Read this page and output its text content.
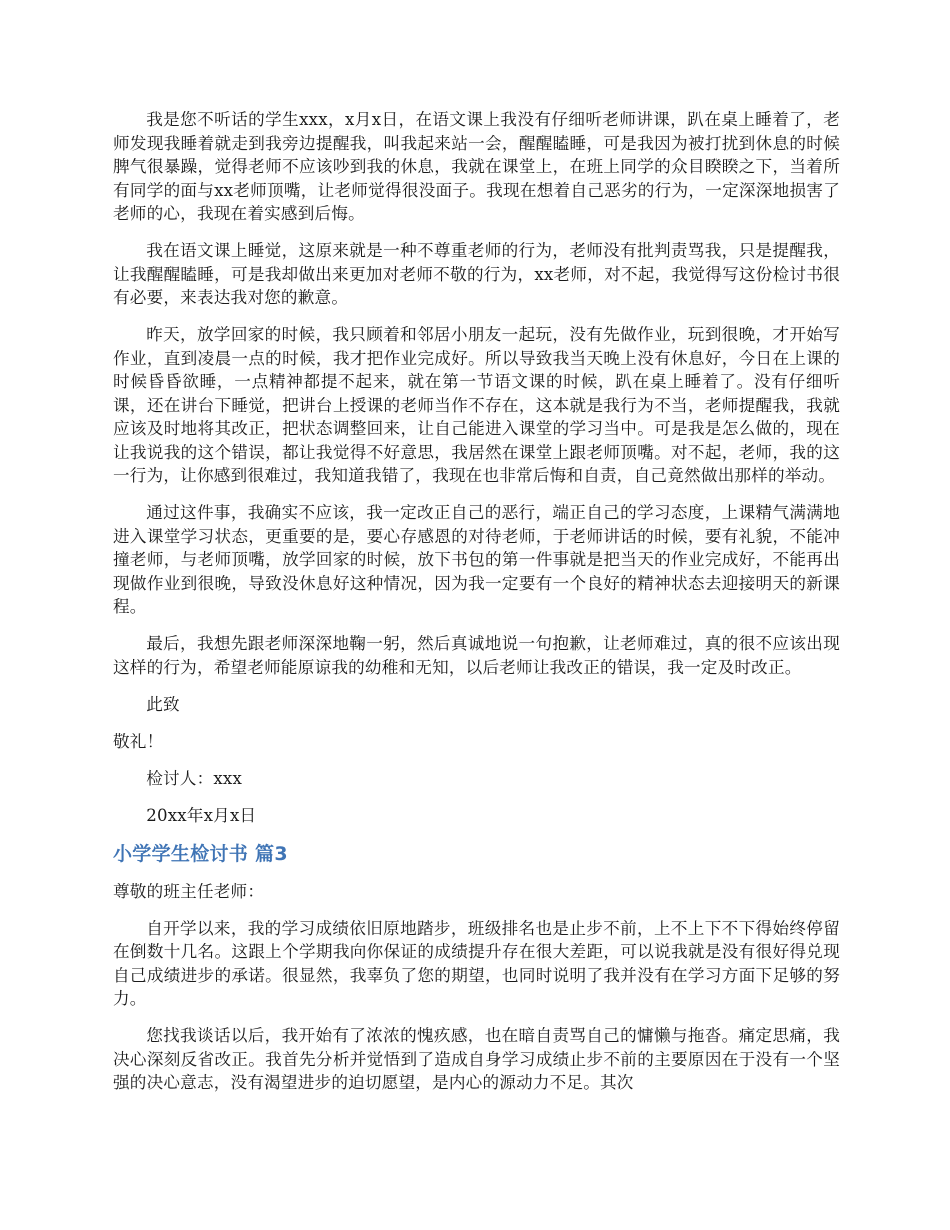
我是您不听话的学生xxx，x月x日，在语文课上我没有仔细听老师讲课，趴在桌上睡着了，老师发现我睡着就走到我旁边提醒我，叫我起来站一会，醒醒瞌睡，可是我因为被打扰到休息的时候脾气很暴躁，觉得老师不应该吵到我的休息，我就在课堂上，在班上同学的众目睽睽之下，当着所有同学的面与xx老师顶嘴，让老师觉得很没面子。我现在想着自己恶劣的行为，一定深深地损害了老师的心，我现在着实感到后悔。

我在语文课上睡觉，这原来就是一种不尊重老师的行为，老师没有批判责骂我，只是提醒我，让我醒醒瞌睡，可是我却做出来更加对老师不敬的行为，xx老师，对不起，我觉得写这份检讨书很有必要，来表达我对您的歉意。

昨天，放学回家的时候，我只顾着和邻居小朋友一起玩，没有先做作业，玩到很晚，才开始写作业，直到凌晨一点的时候，我才把作业完成好。所以导致我当天晚上没有休息好，今日在上课的时候昏昏欲睡，一点精神都提不起来，就在第一节语文课的时候，趴在桌上睡着了。没有仔细听课，还在讲台下睡觉，把讲台上授课的老师当作不存在，这本就是我行为不当，老师提醒我，我就应该及时地将其改正，把状态调整回来，让自己能进入课堂的学习当中。可是我是怎么做的，现在让我说我的这个错误，都让我觉得不好意思，我居然在课堂上跟老师顶嘴。对不起，老师，我的这一行为，让你感到很难过，我知道我错了，我现在也非常后悔和自责，自己竟然做出那样的举动。

通过这件事，我确实不应该，我一定改正自己的恶行，端正自己的学习态度，上课精气满满地进入课堂学习状态，更重要的是，要心存感恩的对待老师，于老师讲话的时候，要有礼貌，不能冲撞老师，与老师顶嘴，放学回家的时候，放下书包的第一件事就是把当天的作业完成好，不能再出现做作业到很晚，导致没休息好这种情况，因为我一定要有一个良好的精神状态去迎接明天的新课程。

最后，我想先跟老师深深地鞠一躬，然后真诚地说一句抱歉，让老师难过，真的很不应该出现这样的行为，希望老师能原谅我的幼稚和无知，以后老师让我改正的错误，我一定及时改正。

此致

敬礼！

检讨人：xxx

20xx年x月x日

小学学生检讨书 篇3

尊敬的班主任老师：

自开学以来，我的学习成绩依旧原地踏步，班级排名也是止步不前，上不上下不下得始终停留在倒数十几名。这跟上个学期我向你保证的成绩提升存在很大差距，可以说我就是没有很好得兑现自己成绩进步的承诺。很显然，我辜负了您的期望，也同时说明了我并没有在学习方面下足够的努力。

您找我谈话以后，我开始有了浓浓的愧疚感，也在暗自责骂自己的慵懒与拖沓。痛定思痛，我决心深刻反省改正。我首先分析并觉悟到了造成自身学习成绩止步不前的主要原因在于没有一个坚强的决心意志，没有渴望进步的迫切愿望，是内心的源动力不足。其次
